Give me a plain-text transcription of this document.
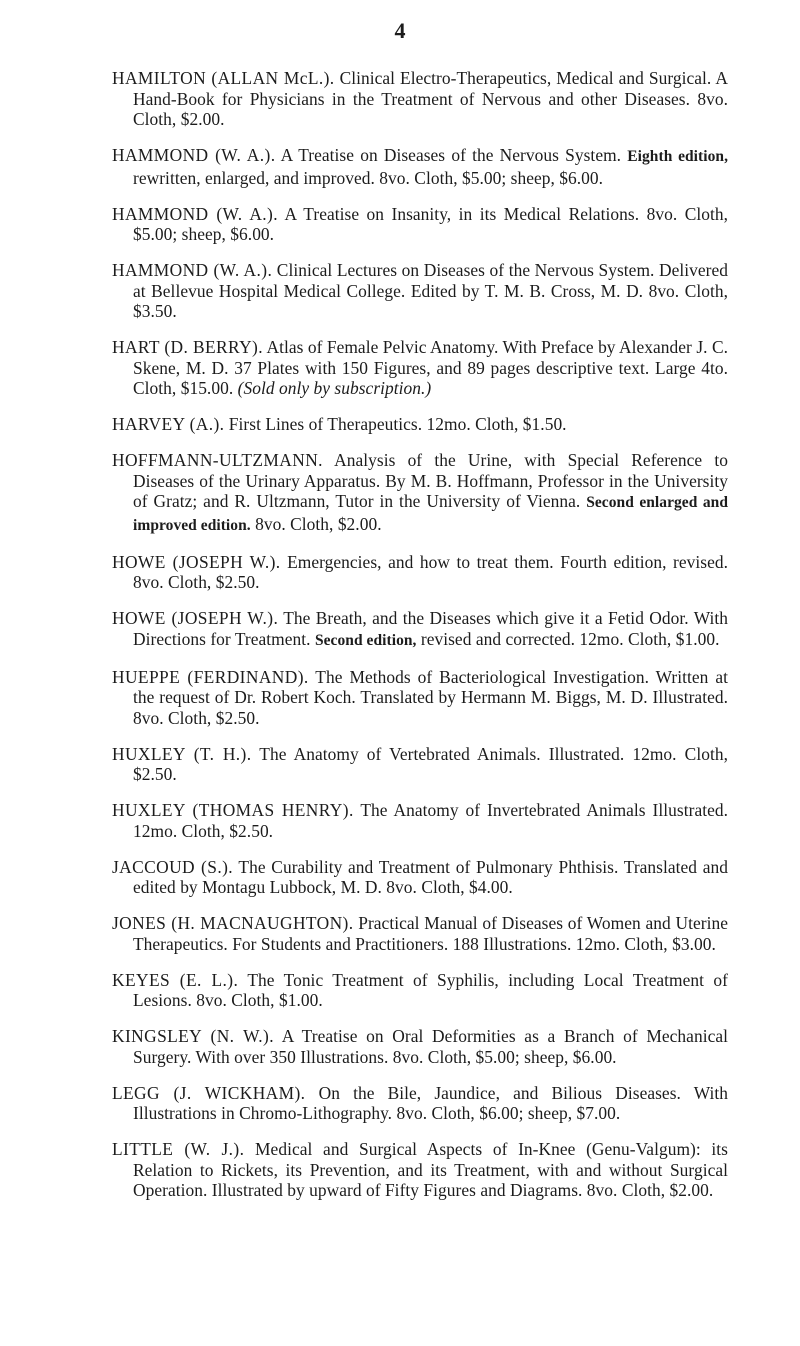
4

HAMILTON (ALLAN McL.). Clinical Electro-Therapeutics, Medical and Surgical. A Hand-Book for Physicians in the Treatment of Nervous and other Diseases. 8vo. Cloth, $2.00.

HAMMOND (W. A.). A Treatise on Diseases of the Nervous System. Eighth edition, rewritten, enlarged, and improved. 8vo. Cloth, $5.00; sheep, $6.00.

HAMMOND (W. A.). A Treatise on Insanity, in its Medical Relations. 8vo. Cloth, $5.00; sheep, $6.00.

HAMMOND (W. A.). Clinical Lectures on Diseases of the Nervous System. Delivered at Bellevue Hospital Medical College. Edited by T. M. B. Cross, M. D. 8vo. Cloth, $3.50.

HART (D. BERRY). Atlas of Female Pelvic Anatomy. With Preface by Alexander J. C. Skene, M. D. 37 Plates with 150 Figures, and 89 pages descriptive text. Large 4to. Cloth, $15.00. (Sold only by subscription.)

HARVEY (A.). First Lines of Therapeutics. 12mo. Cloth, $1.50.

HOFFMANN-ULTZMANN. Analysis of the Urine, with Special Reference to Diseases of the Urinary Apparatus. By M. B. Hoffmann, Professor in the University of Gratz; and R. Ultzmann, Tutor in the University of Vienna. Second enlarged and improved edition. 8vo. Cloth, $2.00.

HOWE (JOSEPH W.). Emergencies, and how to treat them. Fourth edition, revised. 8vo. Cloth, $2.50.

HOWE (JOSEPH W.). The Breath, and the Diseases which give it a Fetid Odor. With Directions for Treatment. Second edition, revised and corrected. 12mo. Cloth, $1.00.

HUEPPE (FERDINAND). The Methods of Bacteriological Investigation. Written at the request of Dr. Robert Koch. Translated by Hermann M. Biggs, M. D. Illustrated. 8vo. Cloth, $2.50.

HUXLEY (T. H.). The Anatomy of Vertebrated Animals. Illustrated. 12mo. Cloth, $2.50.

HUXLEY (THOMAS HENRY). The Anatomy of Invertebrated Animals Illustrated. 12mo. Cloth, $2.50.

JACCOUD (S.). The Curability and Treatment of Pulmonary Phthisis. Translated and edited by Montagu Lubbock, M. D. 8vo. Cloth, $4.00.

JONES (H. MACNAUGHTON). Practical Manual of Diseases of Women and Uterine Therapeutics. For Students and Practitioners. 188 Illustrations. 12mo. Cloth, $3.00.

KEYES (E. L.). The Tonic Treatment of Syphilis, including Local Treatment of Lesions. 8vo. Cloth, $1.00.

KINGSLEY (N. W.). A Treatise on Oral Deformities as a Branch of Mechanical Surgery. With over 350 Illustrations. 8vo. Cloth, $5.00; sheep, $6.00.

LEGG (J. WICKHAM). On the Bile, Jaundice, and Bilious Diseases. With Illustrations in Chromo-Lithography. 8vo. Cloth, $6.00; sheep, $7.00.

LITTLE (W. J.). Medical and Surgical Aspects of In-Knee (Genu-Valgum): its Relation to Rickets, its Prevention, and its Treatment, with and without Surgical Operation. Illustrated by upward of Fifty Figures and Diagrams. 8vo. Cloth, $2.00.
